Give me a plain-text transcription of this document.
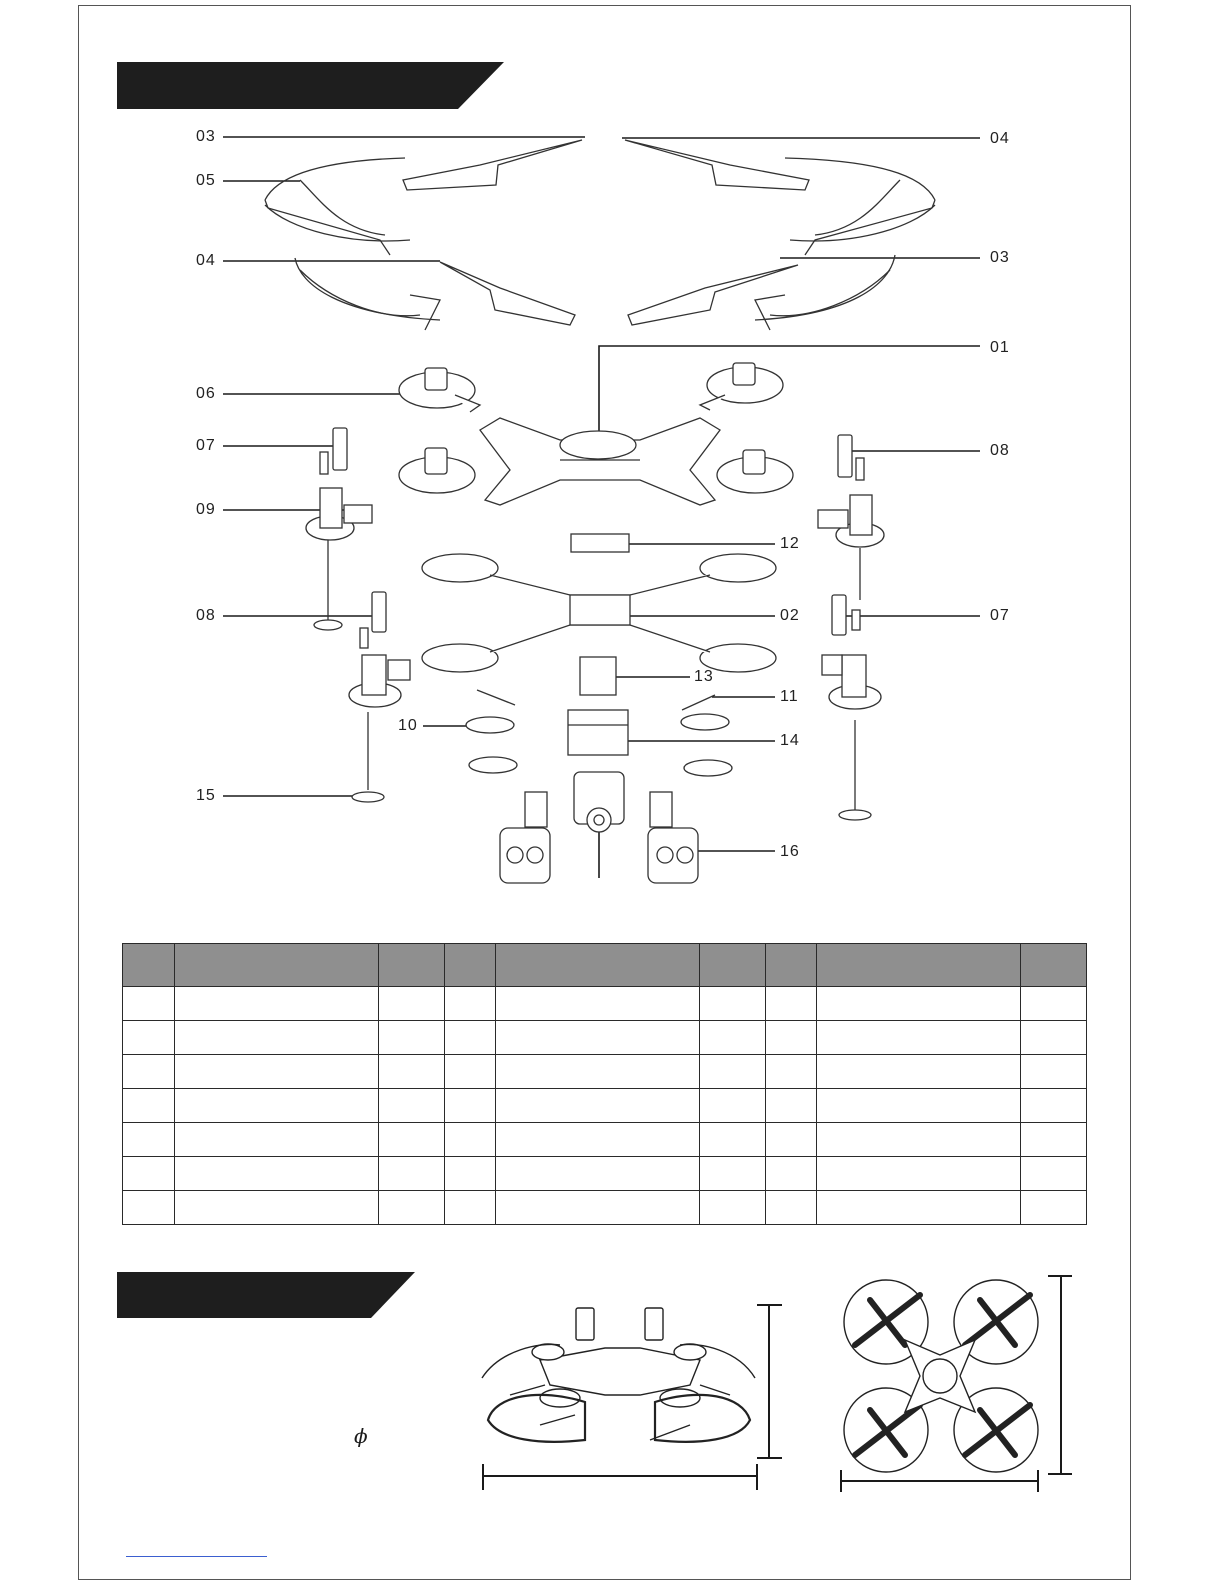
03	04
05
04	03
01
06
07	08
09
12
08	02	07
13
11
10
14
15
16

ϕ
